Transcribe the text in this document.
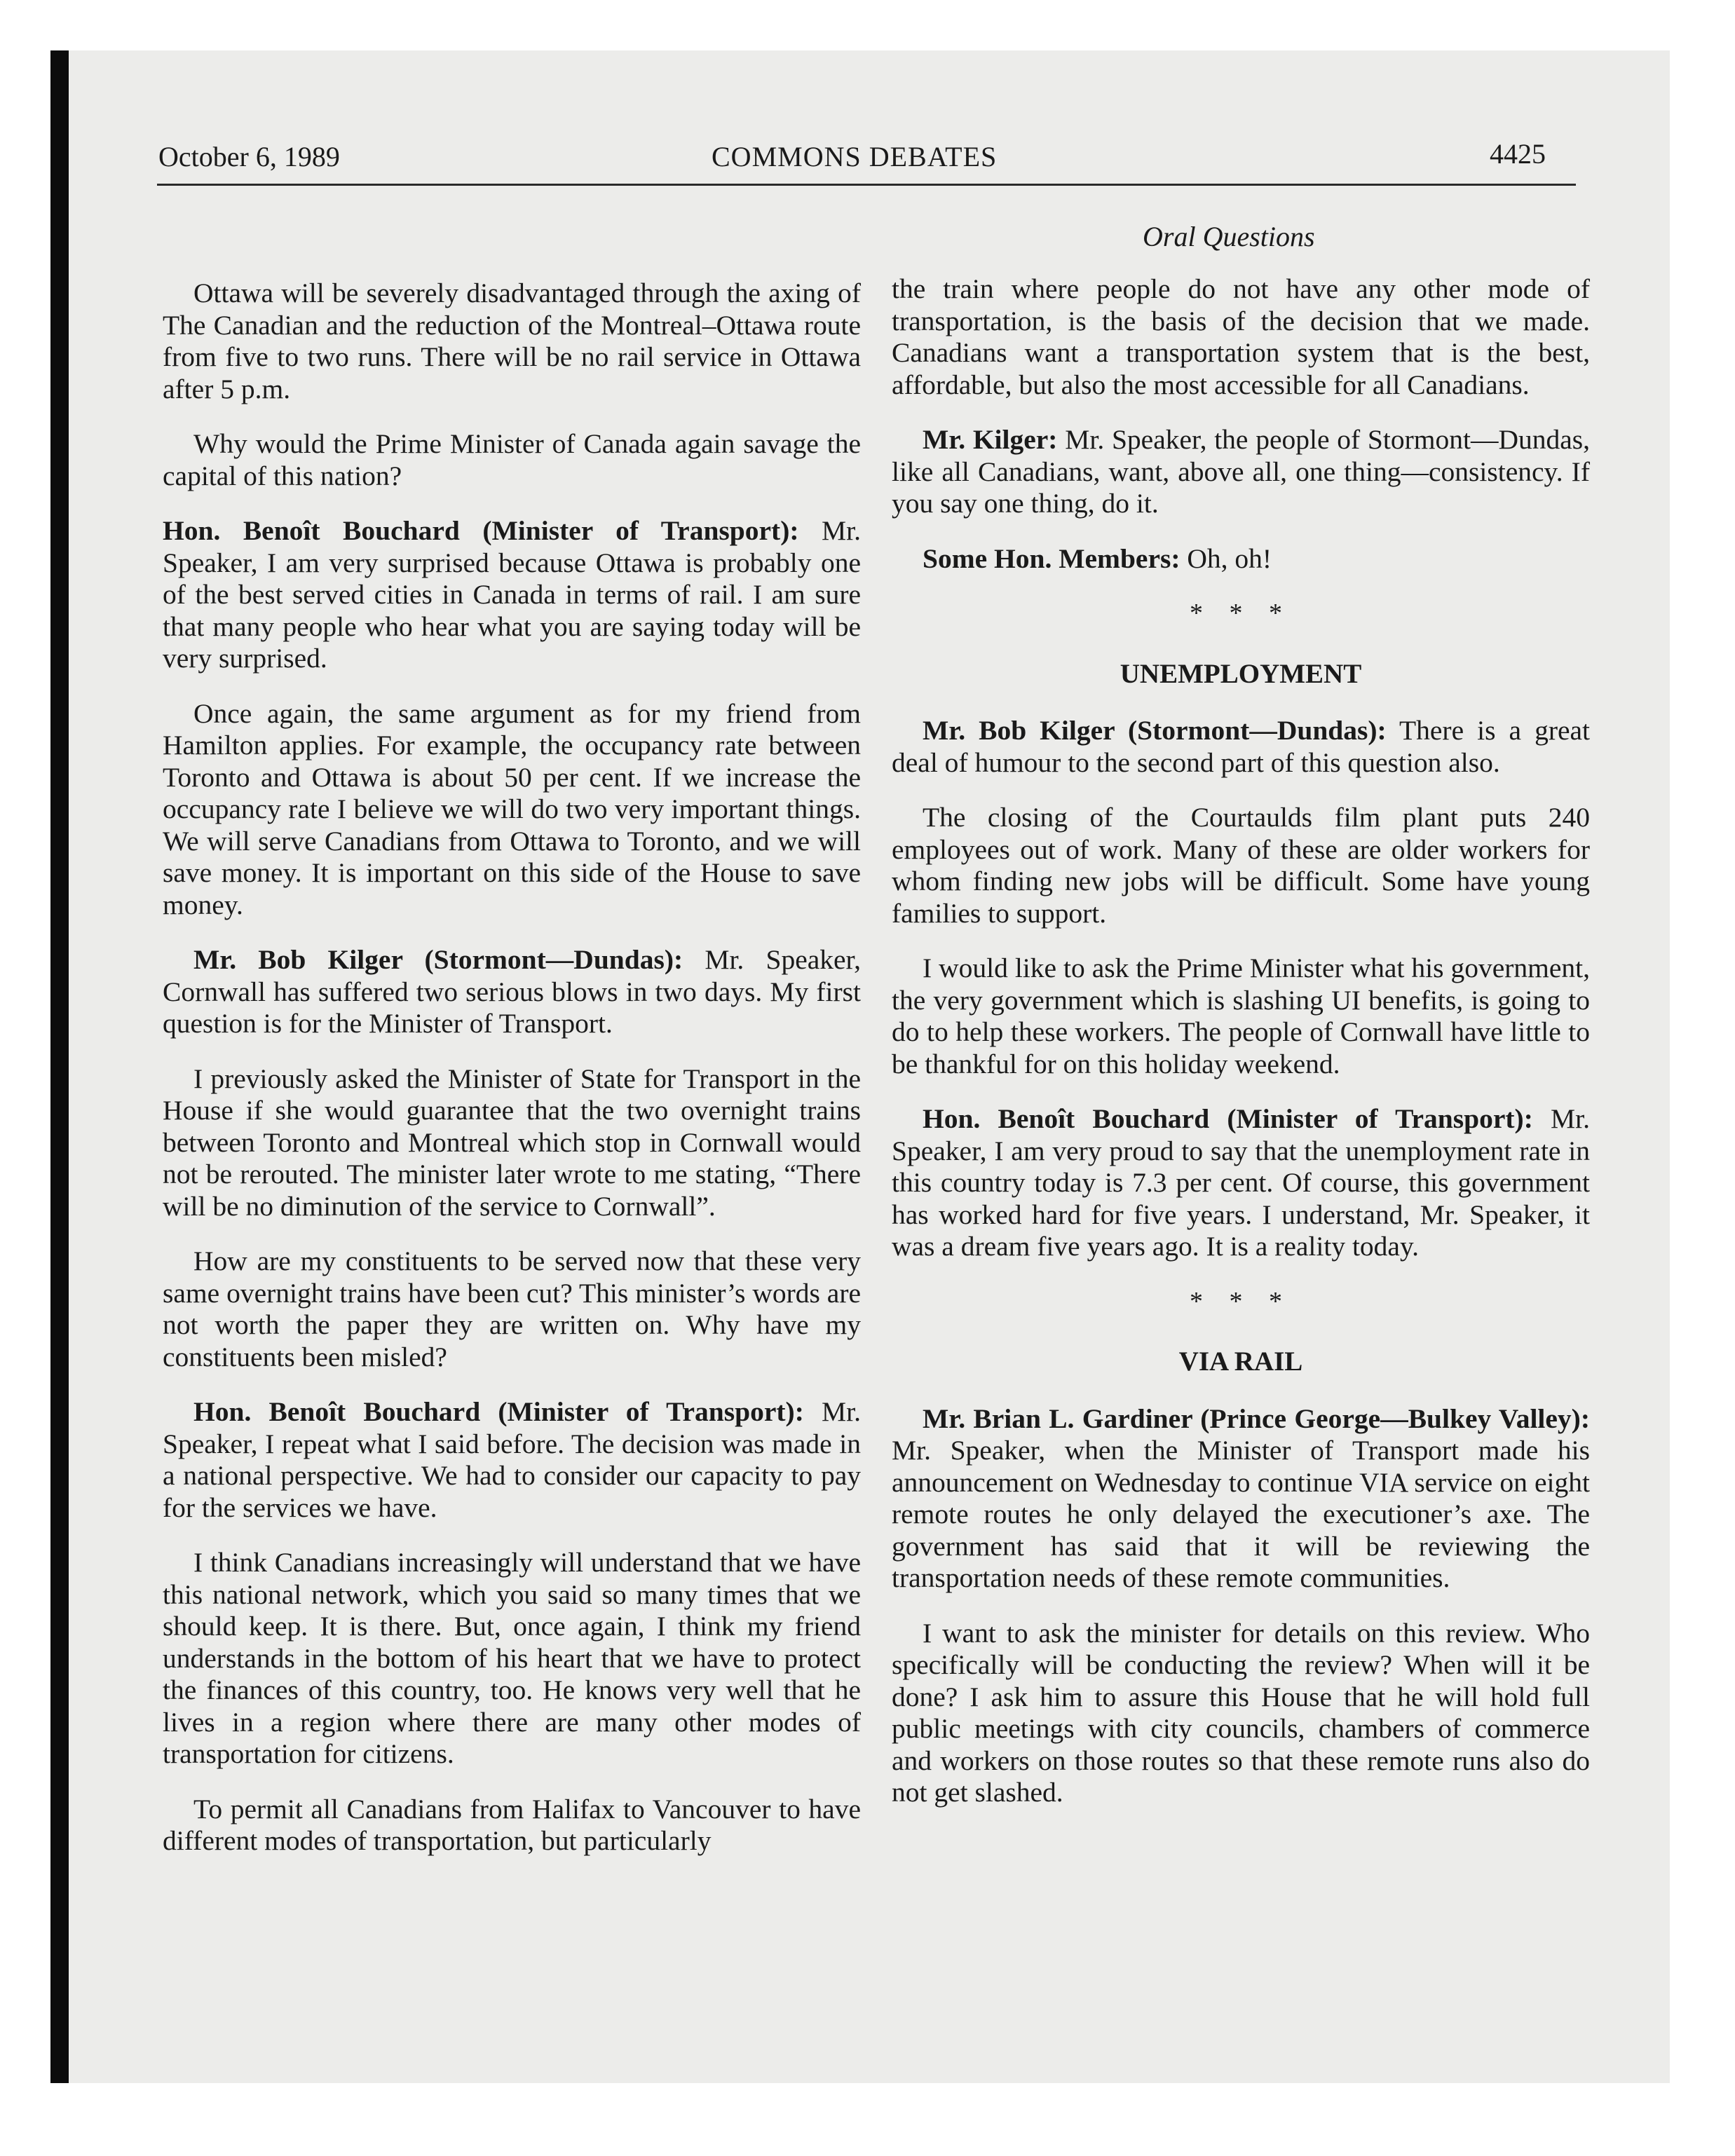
October 6, 1989	COMMONS DEBATES	4425
Oral Questions

Ottawa will be severely disadvantaged through the axing of The Canadian and the reduction of the Montreal–Ottawa route from five to two runs. There will be no rail service in Ottawa after 5 p.m.

Why would the Prime Minister of Canada again savage the capital of this nation?

Hon. Benoît Bouchard (Minister of Transport): Mr. Speaker, I am very surprised because Ottawa is probably one of the best served cities in Canada in terms of rail. I am sure that many people who hear what you are saying today will be very surprised.

Once again, the same argument as for my friend from Hamilton applies. For example, the occupancy rate between Toronto and Ottawa is about 50 per cent. If we increase the occupancy rate I believe we will do two very important things. We will serve Canadians from Ottawa to Toronto, and we will save money. It is important on this side of the House to save money.

Mr. Bob Kilger (Stormont—Dundas): Mr. Speaker, Cornwall has suffered two serious blows in two days. My first question is for the Minister of Transport.

I previously asked the Minister of State for Transport in the House if she would guarantee that the two overnight trains between Toronto and Montreal which stop in Cornwall would not be rerouted. The minister later wrote to me stating, “There will be no diminution of the service to Cornwall”.

How are my constituents to be served now that these very same overnight trains have been cut? This minister’s words are not worth the paper they are written on. Why have my constituents been misled?

Hon. Benoît Bouchard (Minister of Transport): Mr. Speaker, I repeat what I said before. The decision was made in a national perspective. We had to consider our capacity to pay for the services we have.

I think Canadians increasingly will understand that we have this national network, which you said so many times that we should keep. It is there. But, once again, I think my friend understands in the bottom of his heart that we have to protect the finances of this country, too. He knows very well that he lives in a region where there are many other modes of transportation for citizens.

To permit all Canadians from Halifax to Vancouver to have different modes of transportation, but particularly

the train where people do not have any other mode of transportation, is the basis of the decision that we made. Canadians want a transportation system that is the best, affordable, but also the most accessible for all Canadians.

Mr. Kilger: Mr. Speaker, the people of Stormont—Dundas, like all Canadians, want, above all, one thing—consistency. If you say one thing, do it.

Some Hon. Members: Oh, oh!

* * *
UNEMPLOYMENT

Mr. Bob Kilger (Stormont—Dundas): There is a great deal of humour to the second part of this question also.

The closing of the Courtaulds film plant puts 240 employees out of work. Many of these are older workers for whom finding new jobs will be difficult. Some have young families to support.

I would like to ask the Prime Minister what his government, the very government which is slashing UI benefits, is going to do to help these workers. The people of Cornwall have little to be thankful for on this holiday weekend.

Hon. Benoît Bouchard (Minister of Transport): Mr. Speaker, I am very proud to say that the unemployment rate in this country today is 7.3 per cent. Of course, this government has worked hard for five years. I understand, Mr. Speaker, it was a dream five years ago. It is a reality today.

* * *
VIA RAIL

Mr. Brian L. Gardiner (Prince George—Bulkey Valley): Mr. Speaker, when the Minister of Transport made his announcement on Wednesday to continue VIA service on eight remote routes he only delayed the executioner’s axe. The government has said that it will be reviewing the transportation needs of these remote communities.

I want to ask the minister for details on this review. Who specifically will be conducting the review? When will it be done? I ask him to assure this House that he will hold full public meetings with city councils, chambers of commerce and workers on those routes so that these remote runs also do not get slashed.
